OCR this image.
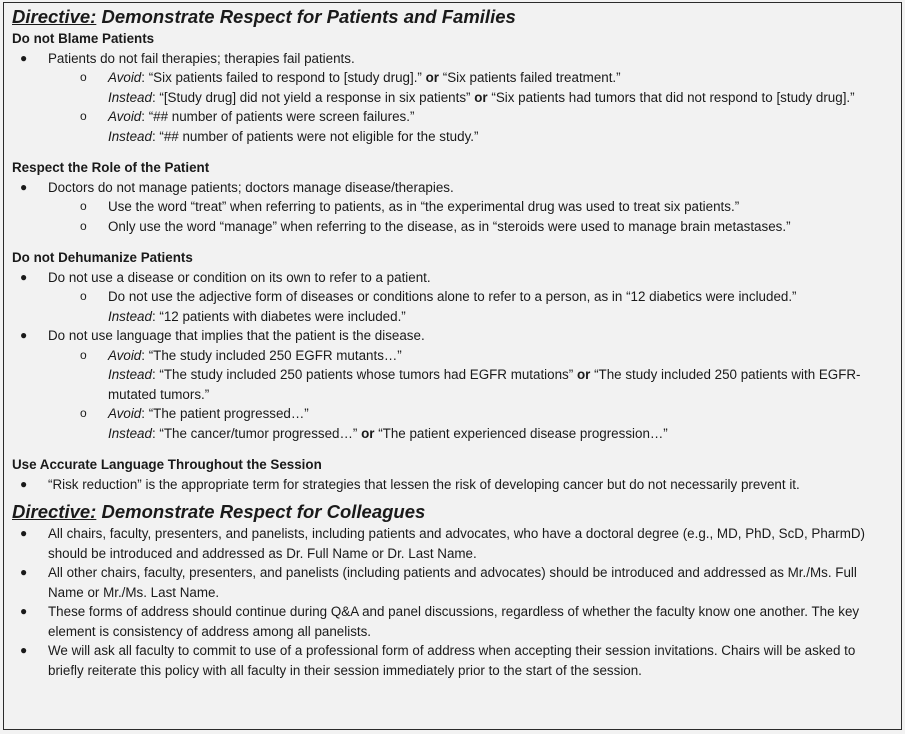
Directive: Demonstrate Respect for Patients and Families
Do not Blame Patients
● Patients do not fail therapies; therapies fail patients.
o Avoid: “Six patients failed to respond to [study drug].” or “Six patients failed treatment.”
Instead: “[Study drug] did not yield a response in six patients” or “Six patients had tumors that did not respond to [study drug].”
o Avoid: “## number of patients were screen failures.”
Instead: “## number of patients were not eligible for the study.”
Respect the Role of the Patient
● Doctors do not manage patients; doctors manage disease/therapies.
o Use the word “treat” when referring to patients, as in “the experimental drug was used to treat six patients.”
o Only use the word “manage” when referring to the disease, as in “steroids were used to manage brain metastases.”
Do not Dehumanize Patients
● Do not use a disease or condition on its own to refer to a patient.
o Do not use the adjective form of diseases or conditions alone to refer to a person, as in “12 diabetics were included.”
Instead: “12 patients with diabetes were included.”
● Do not use language that implies that the patient is the disease.
o Avoid: “The study included 250 EGFR mutants…”
Instead: “The study included 250 patients whose tumors had EGFR mutations” or “The study included 250 patients with EGFR-mutated tumors.”
o Avoid: “The patient progressed…”
Instead: “The cancer/tumor progressed…” or “The patient experienced disease progression…”
Use Accurate Language Throughout the Session
● “Risk reduction” is the appropriate term for strategies that lessen the risk of developing cancer but do not necessarily prevent it.
Directive: Demonstrate Respect for Colleagues
● All chairs, faculty, presenters, and panelists, including patients and advocates, who have a doctoral degree (e.g., MD, PhD, ScD, PharmD) should be introduced and addressed as Dr. Full Name or Dr. Last Name.
● All other chairs, faculty, presenters, and panelists (including patients and advocates) should be introduced and addressed as Mr./Ms. Full Name or Mr./Ms. Last Name.
● These forms of address should continue during Q&A and panel discussions, regardless of whether the faculty know one another. The key element is consistency of address among all panelists.
● We will ask all faculty to commit to use of a professional form of address when accepting their session invitations. Chairs will be asked to briefly reiterate this policy with all faculty in their session immediately prior to the start of the session.
